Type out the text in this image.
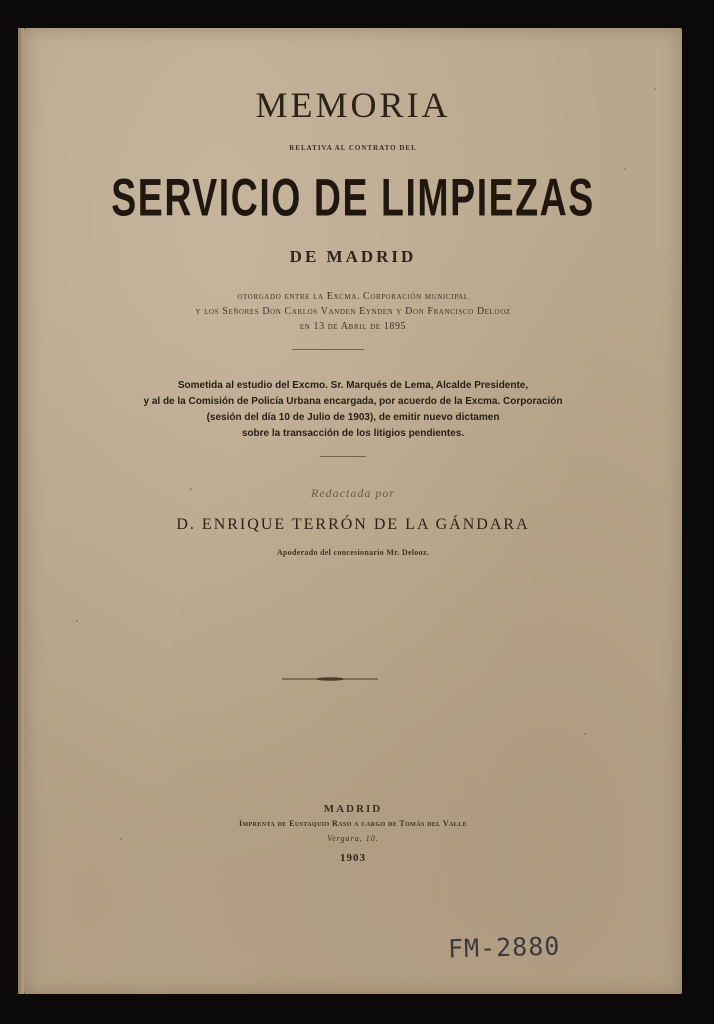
MEMORIA
RELATIVA AL CONTRATO DEL
SERVICIO DE LIMPIEZAS
DE MADRID
otorgado entre la Excma. Corporación municipal
y los Señores Don Carlos Vanden Eynden y Don Francisco Delooz
en 13 de Abril de 1895
Sometida al estudio del Excmo. Sr. Marqués de Lema, Alcalde Presidente,
y al de la Comisión de Policía Urbana encargada, por acuerdo de la Excma. Corporación
(sesión del día 10 de Julio de 1903), de emitir nuevo dictamen
sobre la transacción de los litigios pendientes.
Redactada por
D. ENRIQUE TERRÓN DE LA GÁNDARA
Apoderado del concesionario Mr. Delooz.
MADRID
Imprenta de Eustaquio Raso a cargo de Tomás del Valle
Vergara, 10.
1903
FM-2880
